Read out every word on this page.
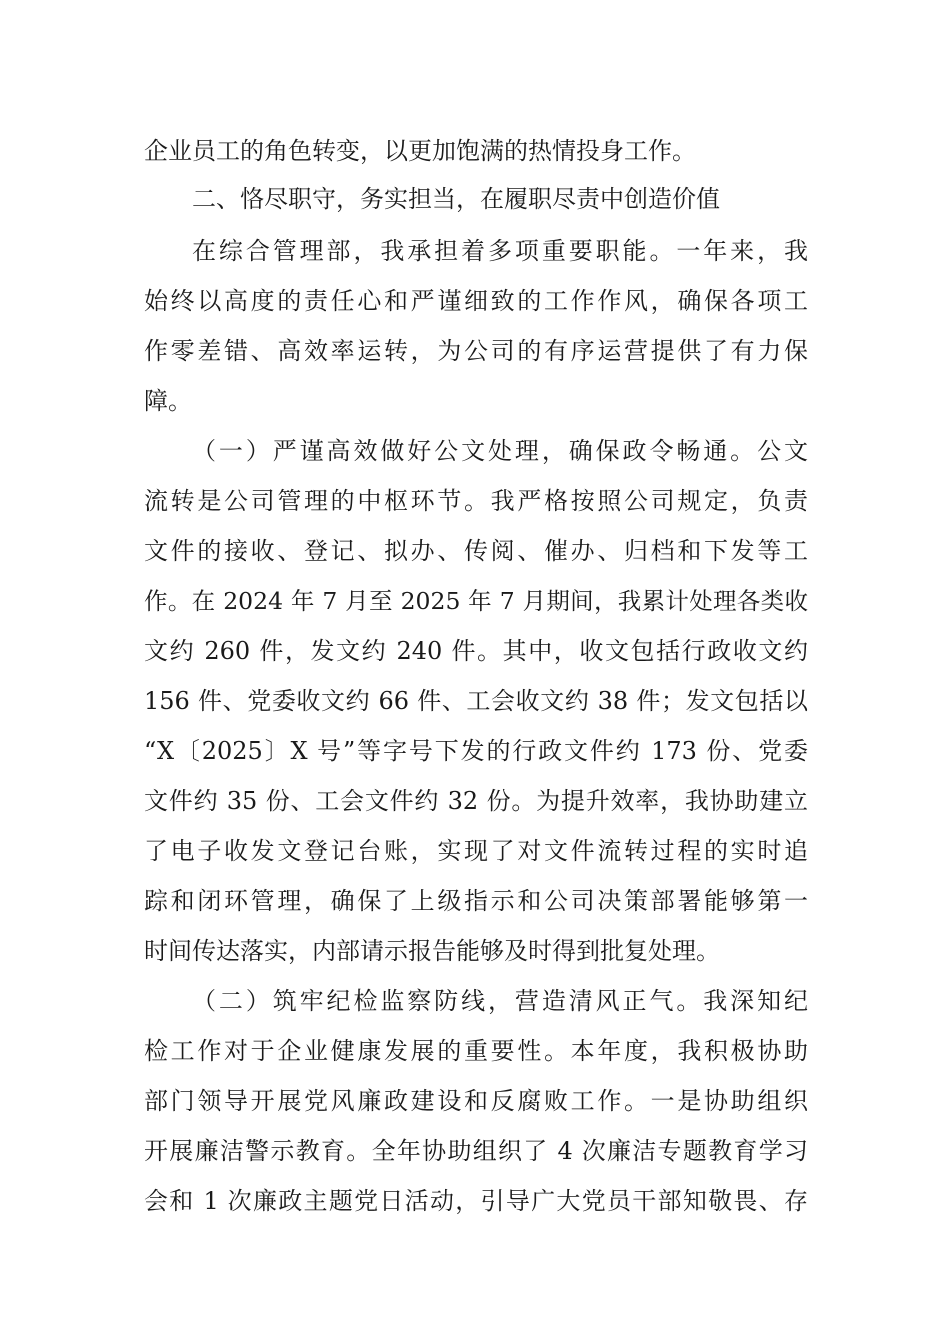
企业员工的角色转变，以更加饱满的热情投身工作。
二、恪尽职守，务实担当，在履职尽责中创造价值
在综合管理部，我承担着多项重要职能。一年来，我
始终以高度的责任心和严谨细致的工作作风，确保各项工
作零差错、高效率运转，为公司的有序运营提供了有力保
障。
（一）严谨高效做好公文处理，确保政令畅通。公文
流转是公司管理的中枢环节。我严格按照公司规定，负责
文件的接收、登记、拟办、传阅、催办、归档和下发等工
作。在 2024 年 7 月至 2025 年 7 月期间，我累计处理各类收
文约 260 件，发文约 240 件。其中，收文包括行政收文约
156 件、党委收文约 66 件、工会收文约 38 件；发文包括以
“X〔2025〕X 号”等字号下发的行政文件约 173 份、党委
文件约 35 份、工会文件约 32 份。为提升效率，我协助建立
了电子收发文登记台账，实现了对文件流转过程的实时追
踪和闭环管理，确保了上级指示和公司决策部署能够第一
时间传达落实，内部请示报告能够及时得到批复处理。
（二）筑牢纪检监察防线，营造清风正气。我深知纪
检工作对于企业健康发展的重要性。本年度，我积极协助
部门领导开展党风廉政建设和反腐败工作。一是协助组织
开展廉洁警示教育。全年协助组织了 4 次廉洁专题教育学习
会和 1 次廉政主题党日活动，引导广大党员干部知敬畏、存
